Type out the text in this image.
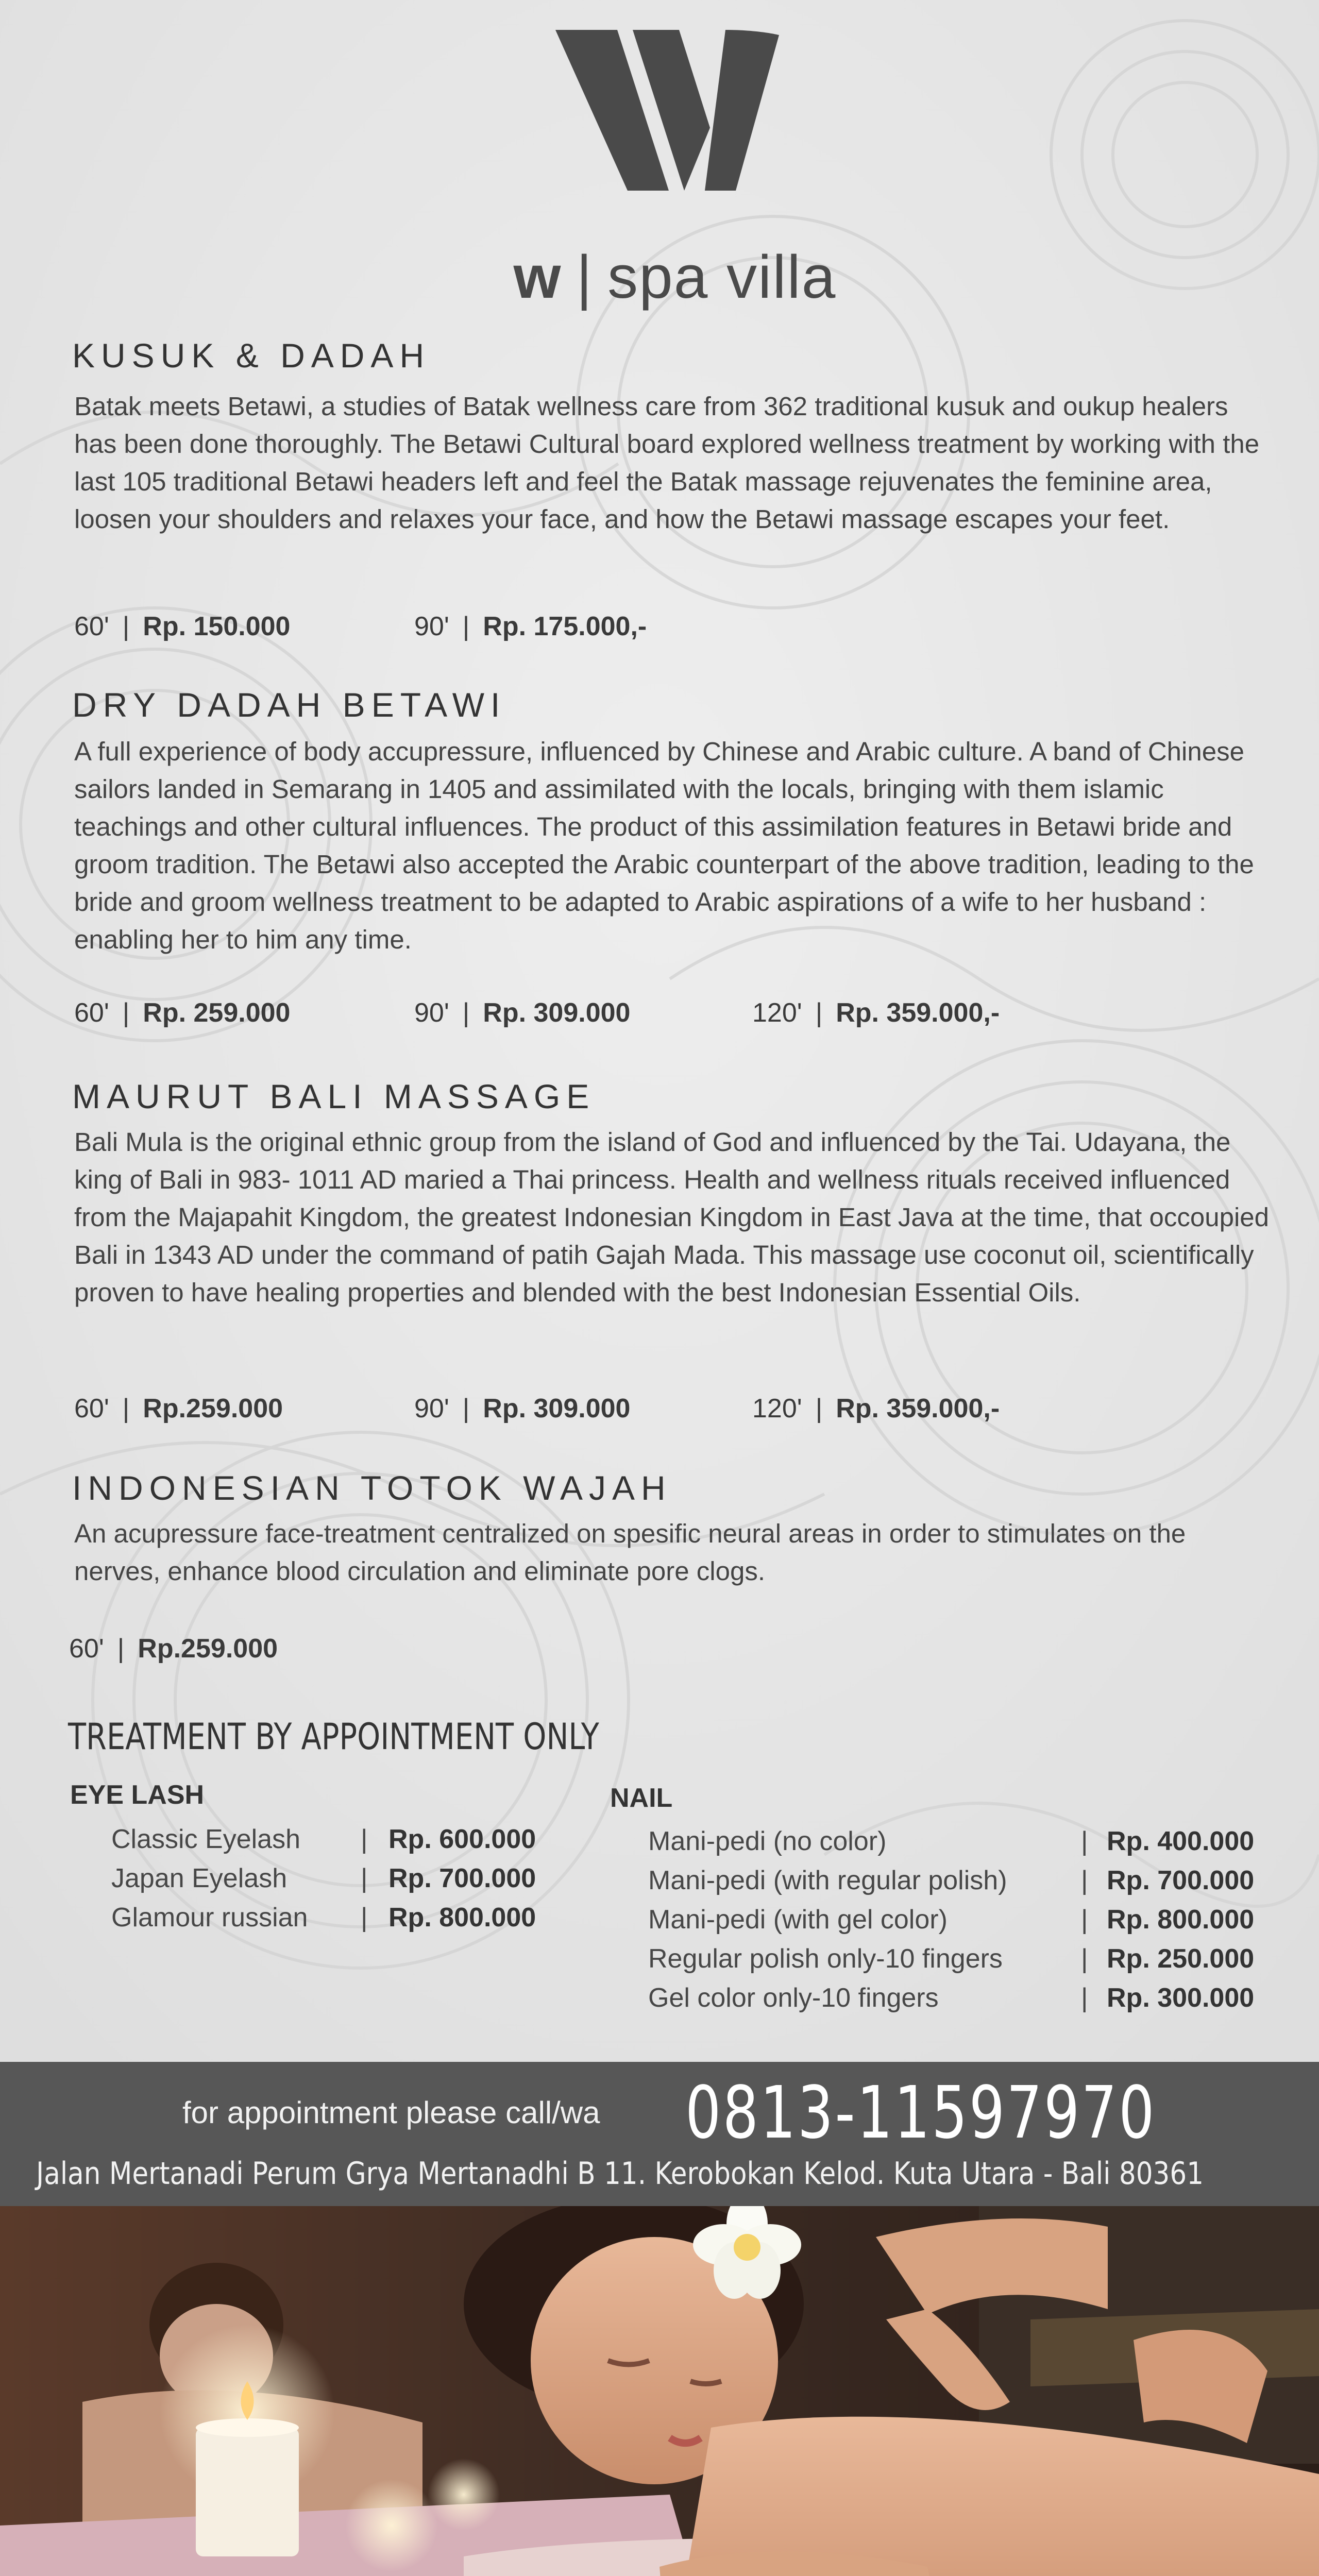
w | spa villa
KUSUK & DADAH
Batak meets Betawi, a studies of Batak wellness care from 362 traditional kusuk and oukup healers has been done thoroughly. The Betawi Cultural board explored wellness treatment by working with the last 105 traditional Betawi headers left and feel the Batak massage rejuvenates the feminine area, loosen your shoulders and relaxes your face, and how the Betawi massage escapes your feet.
60' | Rp. 150.000	90' | Rp. 175.000,-
DRY DADAH BETAWI
A full experience of body accupressure, influenced by Chinese and Arabic culture. A band of Chinese sailors landed in Semarang in 1405 and assimilated with the locals, bringing with them islamic teachings and other cultural influences. The product of this assimilation features in Betawi bride and groom tradition. The Betawi also accepted the Arabic counterpart of the above tradition, leading to the bride and groom wellness treatment to be adapted to Arabic aspirations of a wife to her husband : enabling her to him any time.
60' | Rp. 259.000	90' | Rp. 309.000	120' | Rp. 359.000,-
MAURUT BALI MASSAGE
Bali Mula is the original ethnic group from the island of God and influenced by the Tai. Udayana, the king of Bali in 983- 1011 AD maried a Thai princess. Health and wellness rituals received influenced from the Majapahit Kingdom, the greatest Indonesian Kingdom in East Java at the time, that occoupied Bali in 1343 AD under the command of patih Gajah Mada. This massage use coconut oil, scientifically proven to have healing properties and blended with the best Indonesian Essential Oils.
60' | Rp.259.000	90' | Rp. 309.000	120' | Rp. 359.000,-
INDONESIAN TOTOK WAJAH
An acupressure face-treatment centralized on spesific neural areas in order to stimulates on the nerves, enhance blood circulation and eliminate pore clogs.
60' | Rp.259.000
TREATMENT BY APPOINTMENT ONLY
EYE LASH	NAIL
Classic Eyelash | Rp. 600.000
Japan Eyelash	| Rp. 700.000
Glamour russian | Rp. 800.000
Mani-pedi (no color)	| Rp. 400.000
Mani-pedi (with regular polish)	| Rp. 700.000
Mani-pedi (with gel color)	| Rp. 800.000
Regular polish only-10 fingers	| Rp. 250.000
Gel color only-10 fingers	| Rp. 300.000
for appointment please call/wa 0813-11597970
Jalan Mertanadi Perum Grya Mertanadhi B 11. Kerobokan Kelod. Kuta Utara - Bali 80361
